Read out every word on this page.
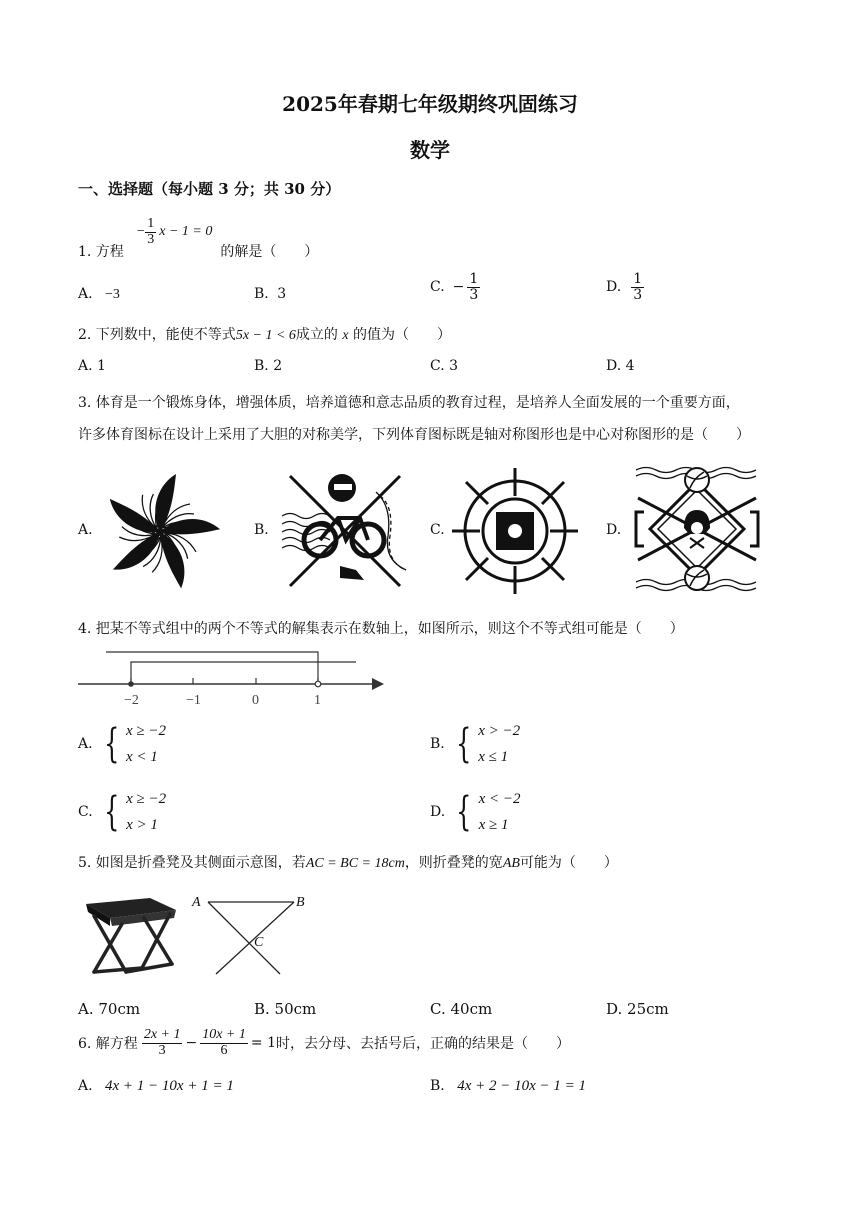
2025年春期七年级期终巩固练习
数学
一、选择题（每小题 3 分；共 30 分）
1. 方程
− $\frac{1}{3}$ x − 1 = 0
的解是（　　）
A. −3	B. 3	C. − $\frac{1}{3}$	D. $\frac{1}{3}$
2. 下列数中，能使不等式5x − 1 < 6成立的 x 的值为（　　）
A. 1	B. 2	C. 3	D. 4
3. 体育是一个锻炼身体，增强体质，培养道德和意志品质的教育过程，是培养人全面发展的一个重要方面，
许多体育图标在设计上采用了大胆的对称美学，下列体育图标既是轴对称图形也是中心对称图形的是（　　）
A.	B.	C.	D.
4. 把某不等式组中的两个不等式的解集表示在数轴上，如图所示，则这个不等式组可能是（　　）
−2	−1	0	1
A. { x ≥ −2
x < 1
B. { x > −2
x ≤ 1
C. { x ≥ −2
x > 1
D. { x < −2
x ≥ 1
5. 如图是折叠凳及其侧面示意图，若AC = BC = 18cm，则折叠凳的宽AB可能为（　　）
A	B
C
A. 70cm	B. 50cm	C. 40cm	D. 25cm
6. 解方程 $\frac{2x + 1}{3} - \frac{10x + 1}{6} = 1$ 时，去分母、去括号后，正确的结果是（　　）
A. 4x + 1 − 10x + 1 = 1	B. 4x + 2 − 10x − 1 = 1
